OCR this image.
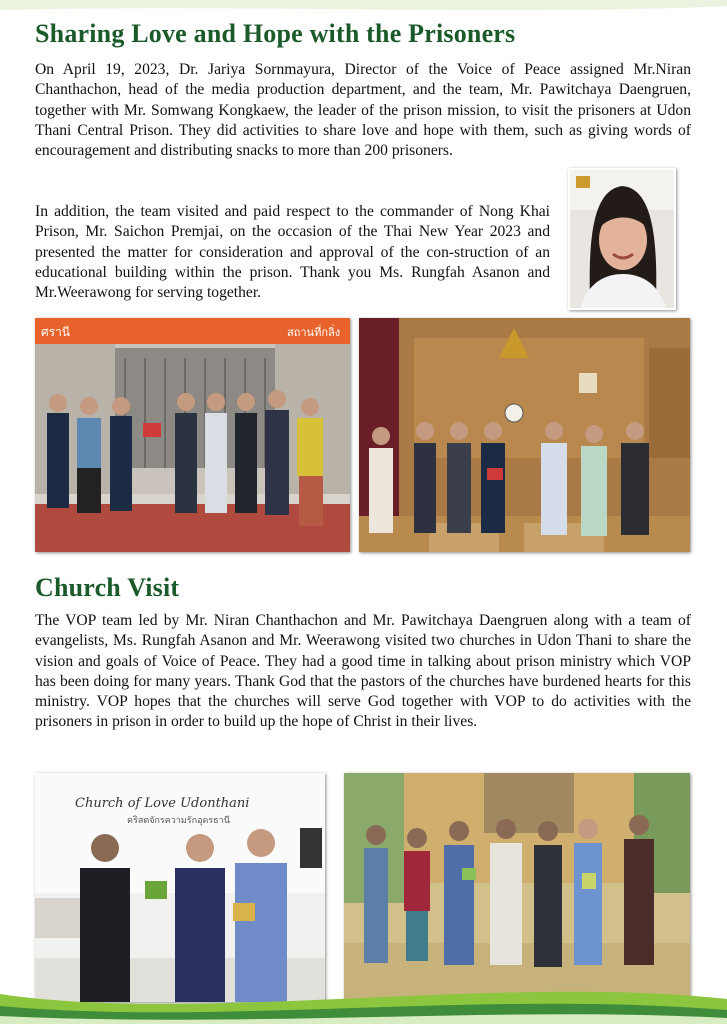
Sharing Love and Hope with the Prisoners

On April 19, 2023, Dr. Jariya Sornmayura, Director of the Voice of Peace assigned Mr.Niran Chanthachon, head of the media production department, and the team, Mr. Pawitchaya Daengruen, together with Mr. Somwang Kongkaew, the leader of the prison mission, to visit the prisoners at Udon Thani Central Prison. They did activities to share love and hope with them, such as giving words of encouragement and distributing snacks to more than 200 prisoners.

In addition, the team visited and paid respect to the commander of Nong Khai Prison, Mr. Saichon Premjai, on the occasion of the Thai New Year 2023 and presented the matter for consideration and approval of the con-struction of an educational building within the prison. Thank you Ms. Rungfah Asanon and Mr.Weerawong for serving together.

ศรานี	สถานที่กลิ่ง
Church Visit

The VOP team led by Mr. Niran Chanthachon and Mr. Pawitchaya Daengruen along with a team of evangelists, Ms. Rungfah Asanon and Mr. Weerawong visited two churches in Udon Thani to share the vision and goals of Voice of Peace. They had a good time in talking about prison ministry which VOP has been doing for many years. Thank God that the pastors of the churches have burdened hearts for this ministry. VOP hopes that the churches will serve God together with VOP to do activities with the prisoners in prison in order to build up the hope of Christ in their lives.

Church of Love Udonthani
คริสตจักรความรักอุดรธานี
